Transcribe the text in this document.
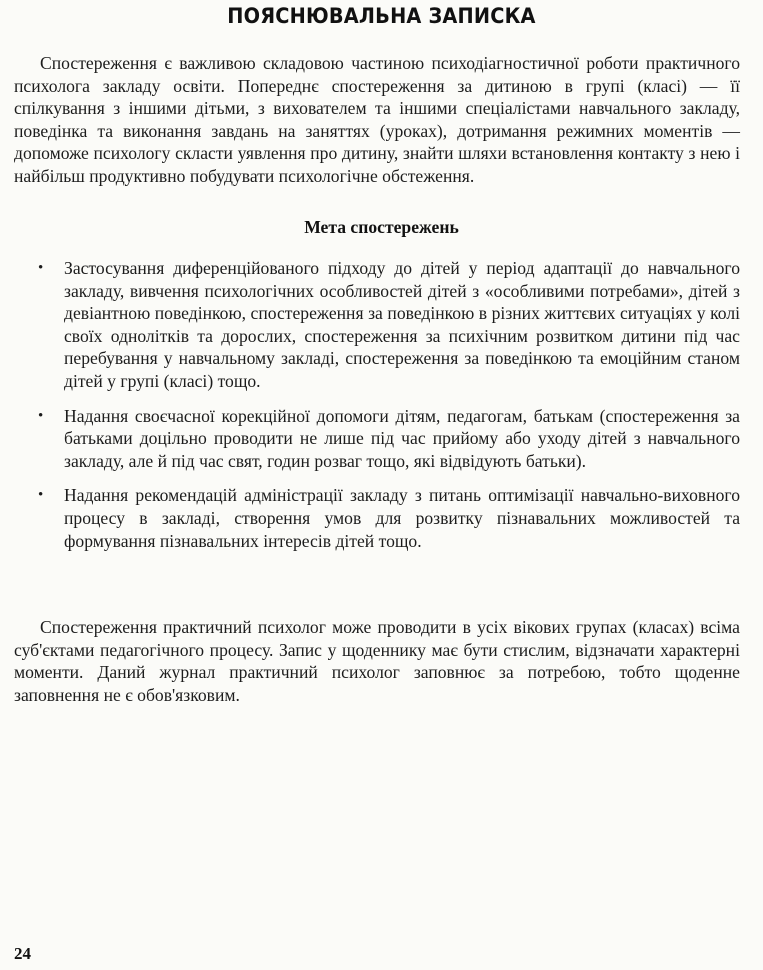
ПОЯСНЮВАЛЬНА ЗАПИСКА

Спостереження є важливою складовою частиною психодіагностичної роботи практичного психолога закладу освіти. Попереднє спостереження за дитиною в групі (класі) — її спілкування з іншими дітьми, з вихователем та іншими спеціалістами навчального закладу, поведінка та виконання завдань на заняттях (уроках), дотримання режимних моментів — допоможе психологу скласти уявлення про дитину, знайти шляхи встановлення контакту з нею і найбільш продуктивно побудувати психологічне обстеження.

Мета спостережень
• Застосування диференційованого підходу до дітей у період адаптації до навчального закладу, вивчення психологічних особливостей дітей з «особливими потребами», дітей з девіантною поведінкою, спостереження за поведінкою в різних життєвих ситуаціях у колі своїх однолітків та дорослих, спостереження за психічним розвитком дитини під час перебування у навчальному закладі, спостереження за поведінкою та емоційним станом дітей у групі (класі) тощо.
• Надання своєчасної корекційної допомоги дітям, педагогам, батькам (спостереження за батьками доцільно проводити не лише під час прийому або уходу дітей з навчального закладу, але й під час свят, годин розваг тощо, які відвідують батьки).
• Надання рекомендацій адміністрації закладу з питань оптимізації навчально-виховного процесу в закладі, створення умов для розвитку пізнавальних можливостей та формування пізнавальних інтересів дітей тощо.

Спостереження практичний психолог може проводити в усіх вікових групах (класах) всіма суб'єктами педагогічного процесу. Запис у щоденнику має бути стислим, відзначати характерні моменти. Даний журнал практичний психолог заповнює за потребою, тобто щоденне заповнення не є обов'язковим.

24
